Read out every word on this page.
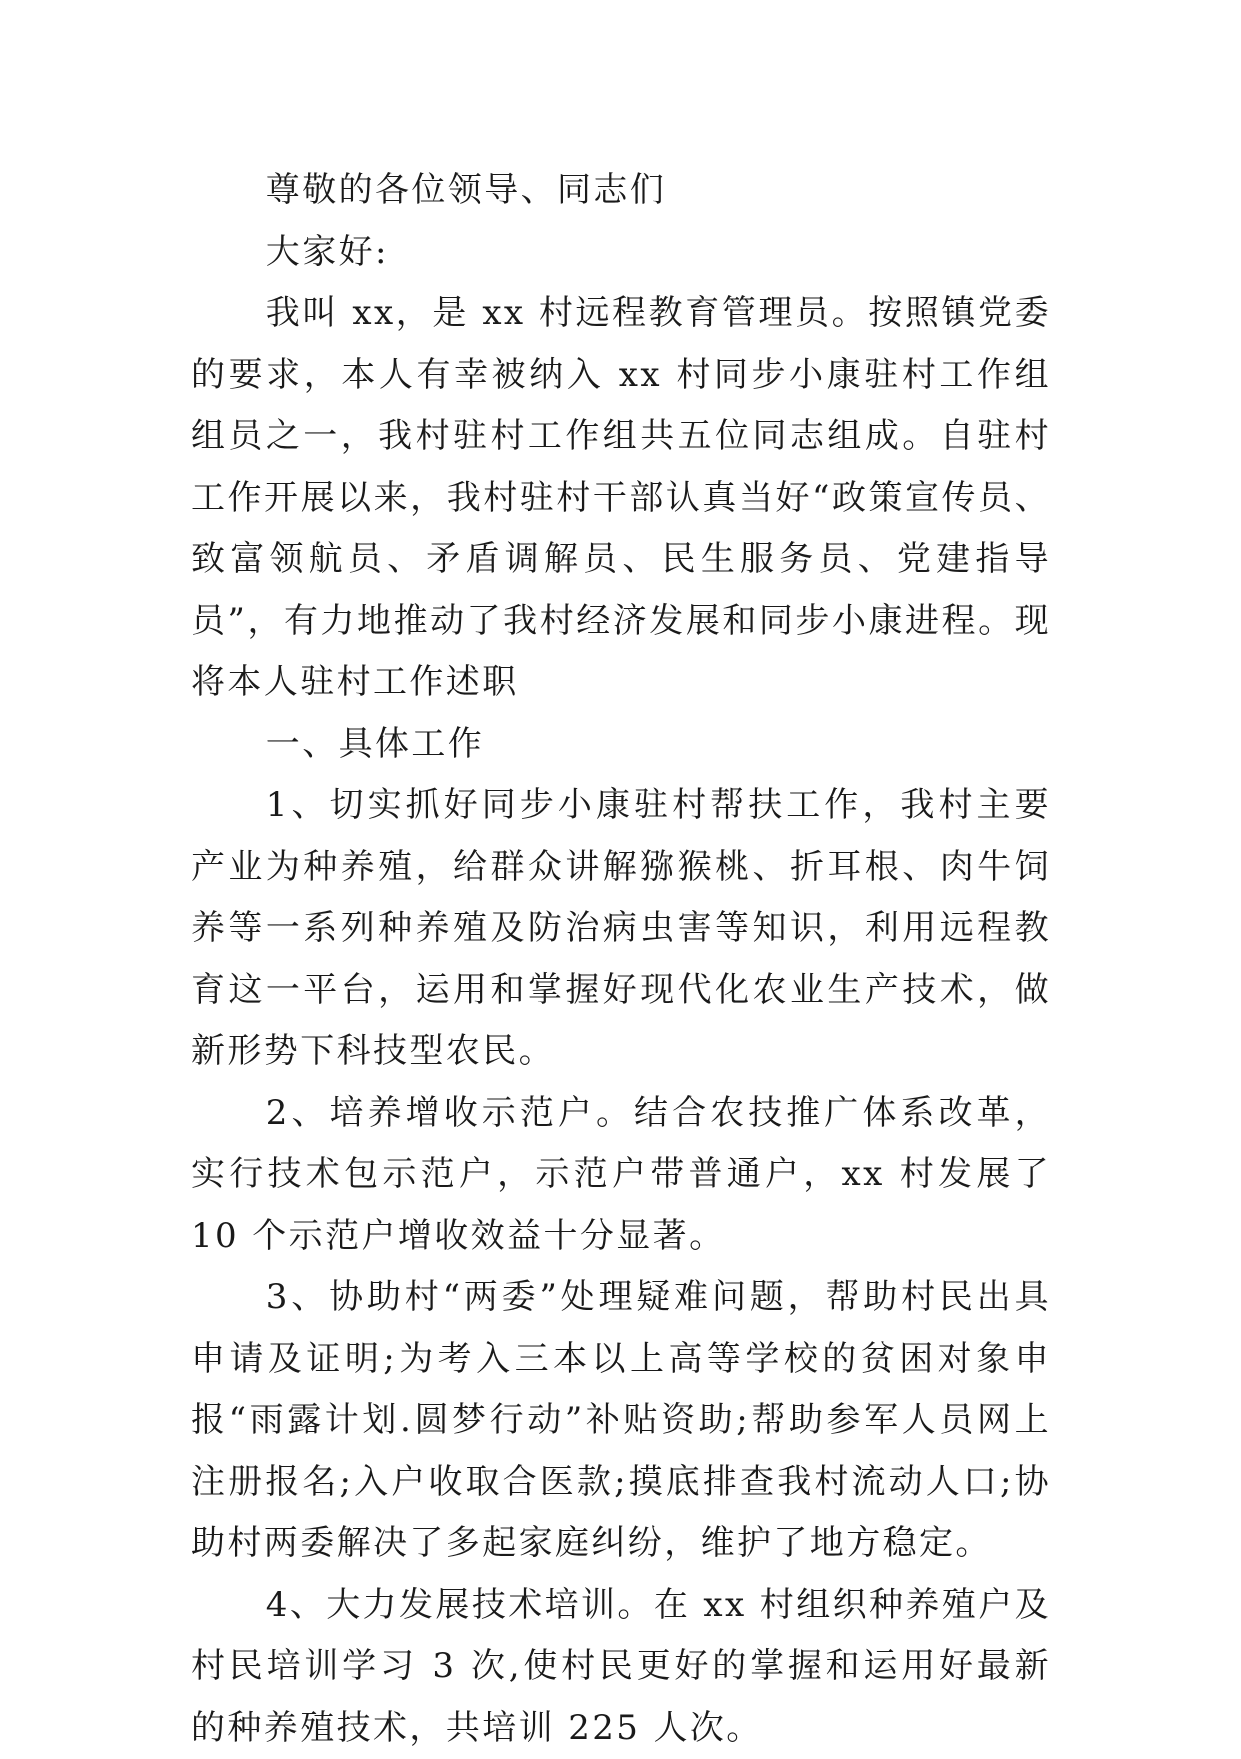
尊敬的各位领导、同志们

大家好:

我叫 xx，是 xx 村远程教育管理员。按照镇党委的要求，本人有幸被纳入 xx 村同步小康驻村工作组组员之一，我村驻村工作组共五位同志组成。自驻村工作开展以来，我村驻村干部认真当好“政策宣传员、致富领航员、矛盾调解员、民生服务员、党建指导员”，有力地推动了我村经济发展和同步小康进程。现将本人驻村工作述职

一、具体工作

1、切实抓好同步小康驻村帮扶工作，我村主要产业为种养殖，给群众讲解猕猴桃、折耳根、肉牛饲养等一系列种养殖及防治病虫害等知识，利用远程教育这一平台，运用和掌握好现代化农业生产技术，做新形势下科技型农民。

2、培养增收示范户。结合农技推广体系改革，实行技术包示范户，示范户带普通户，xx 村发展了 10 个示范户增收效益十分显著。

3、协助村“两委”处理疑难问题，帮助村民出具申请及证明;为考入三本以上高等学校的贫困对象申报“雨露计划.圆梦行动”补贴资助;帮助参军人员网上注册报名;入户收取合医款;摸底排查我村流动人口;协助村两委解决了多起家庭纠纷，维护了地方稳定。

4、大力发展技术培训。在 xx 村组织种养殖户及村民培训学习 3 次,使村民更好的掌握和运用好最新的种养殖技术，共培训 225 人次。
